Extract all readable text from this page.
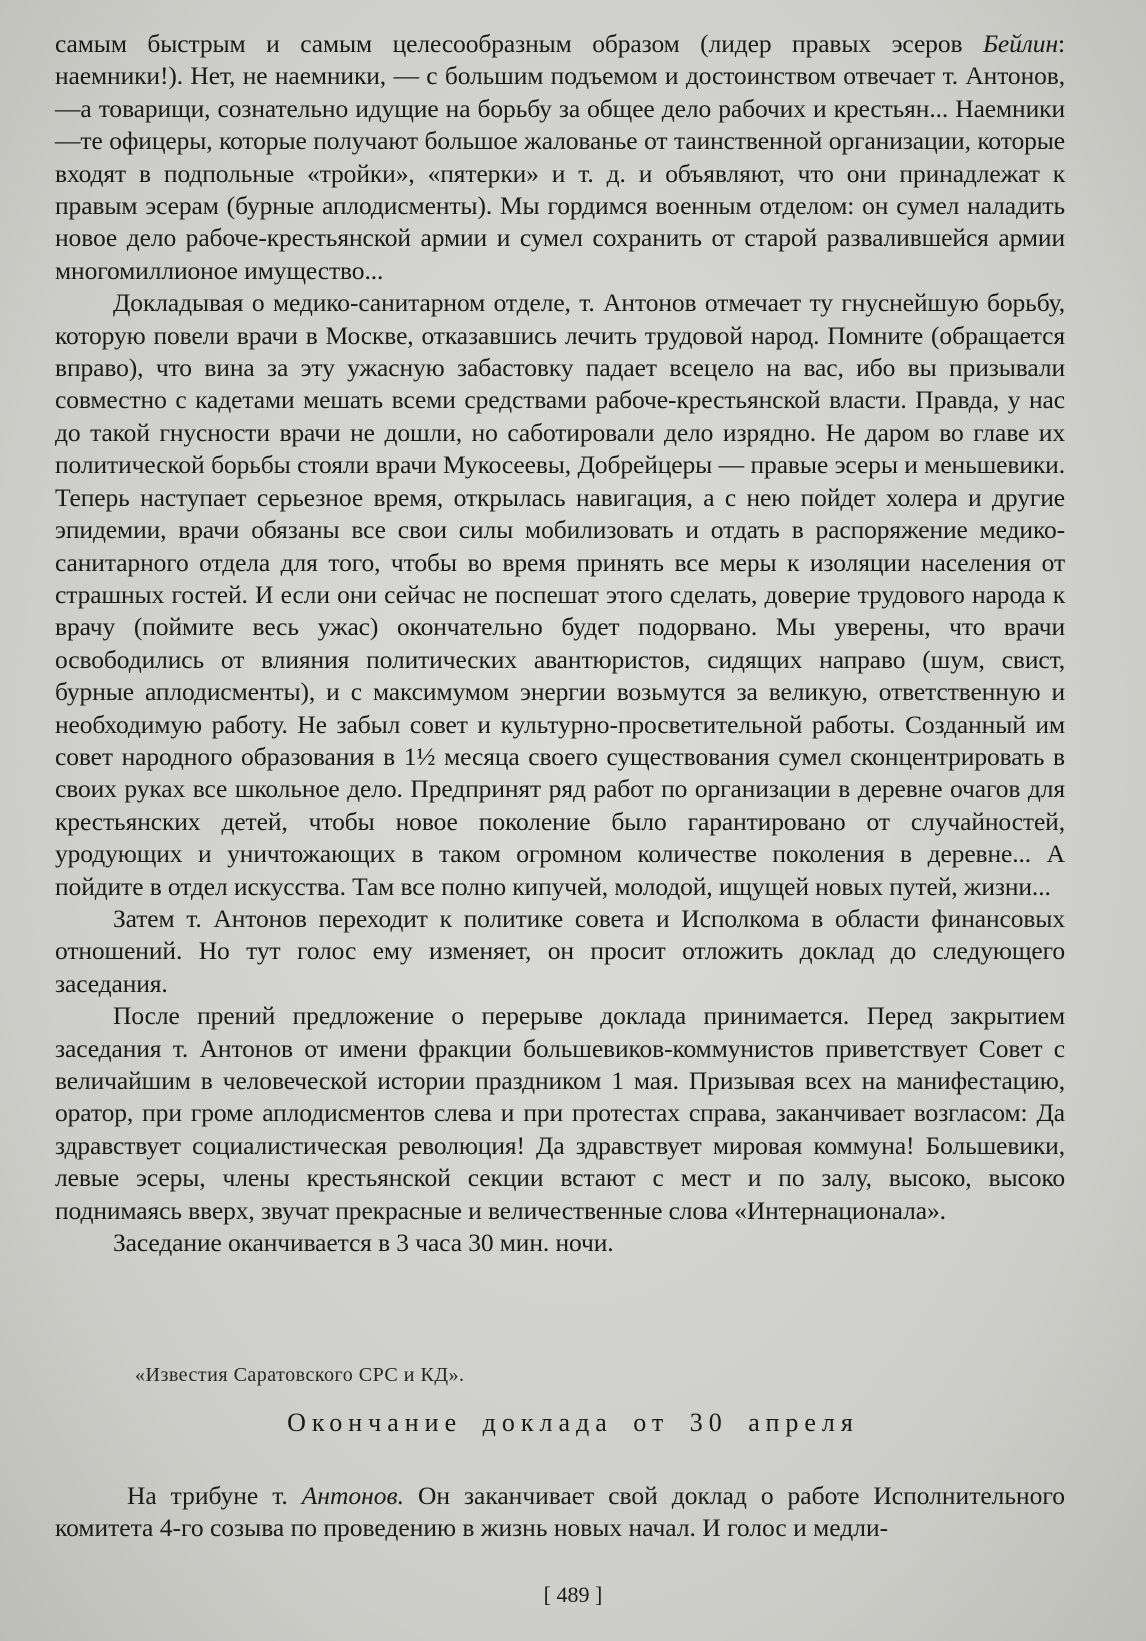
самым быстрым и самым целесообразным образом (лидер правых эсеров Бейлин: наемники!). Нет, не наемники, — с большим подъемом и достоинством отвечает т. Антонов,—а товарищи, сознательно идущие на борьбу за общее дело рабочих и крестьян... Наемники—те офицеры, которые получают большое жалованье от таинственной организации, которые входят в подпольные «тройки», «пятерки» и т. д. и объявляют, что они принадлежат к правым эсерам (бурные аплодисменты). Мы гордимся военным отделом: он сумел наладить новое дело рабоче-крестьянской армии и сумел сохранить от старой развалившейся армии многомиллионое имущество...

Докладывая о медико-санитарном отделе, т. Антонов отмечает ту гнуснейшую борьбу, которую повели врачи в Москве, отказавшись лечить трудовой народ. Помните (обращается вправо), что вина за эту ужасную забастовку падает всецело на вас, ибо вы призывали совместно с кадетами мешать всеми средствами рабоче-крестьянской власти. Правда, у нас до такой гнусности врачи не дошли, но саботировали дело изрядно. Не даром во главе их политической борьбы стояли врачи Мукосеевы, Добрейцеры — правые эсеры и меньшевики. Теперь наступает серьезное время, открылась навигация, а с нею пойдет холера и другие эпидемии, врачи обязаны все свои силы мобилизовать и отдать в распоряжение медико-санитарного отдела для того, чтобы во время принять все меры к изоляции населения от страшных гостей. И если они сейчас не поспешат этого сделать, доверие трудового народа к врачу (поймите весь ужас) окончательно будет подорвано. Мы уверены, что врачи освободились от влияния политических авантюристов, сидящих направо (шум, свист, бурные аплодисменты), и с максимумом энергии возьмутся за великую, ответственную и необходимую работу. Не забыл совет и культурно-просветительной работы. Созданный им совет народного образования в 1½ месяца своего существования сумел сконцентрировать в своих руках все школьное дело. Предпринят ряд работ по организации в деревне очагов для крестьянских детей, чтобы новое поколение было гарантировано от случайностей, уродующих и уничтожающих в таком огромном количестве поколения в деревне... А пойдите в отдел искусства. Там все полно кипучей, молодой, ищущей новых путей, жизни...

Затем т. Антонов переходит к политике совета и Исполкома в области финансовых отношений. Но тут голос ему изменяет, он просит отложить доклад до следующего заседания.

После прений предложение о перерыве доклада принимается. Перед закрытием заседания т. Антонов от имени фракции большевиков-коммунистов приветствует Совет с величайшим в человеческой истории праздником 1 мая. Призывая всех на манифестацию, оратор, при громе аплодисментов слева и при протестах справа, заканчивает возгласом: Да здравствует социалистическая революция! Да здравствует мировая коммуна! Большевики, левые эсеры, члены крестьянской секции встают с мест и по залу, высоко, высоко поднимаясь вверх, звучат прекрасные и величественные слова «Интернационала».

Заседание оканчивается в 3 часа 30 мин. ночи.

«Известия Саратовского СРС и КД».
Окончание доклада от 30 апреля
На трибуне т. Антонов. Он заканчивает свой доклад о работе Исполнительного комитета 4-го созыва по проведению в жизнь новых начал. И голос и медли-
[ 489 ]
